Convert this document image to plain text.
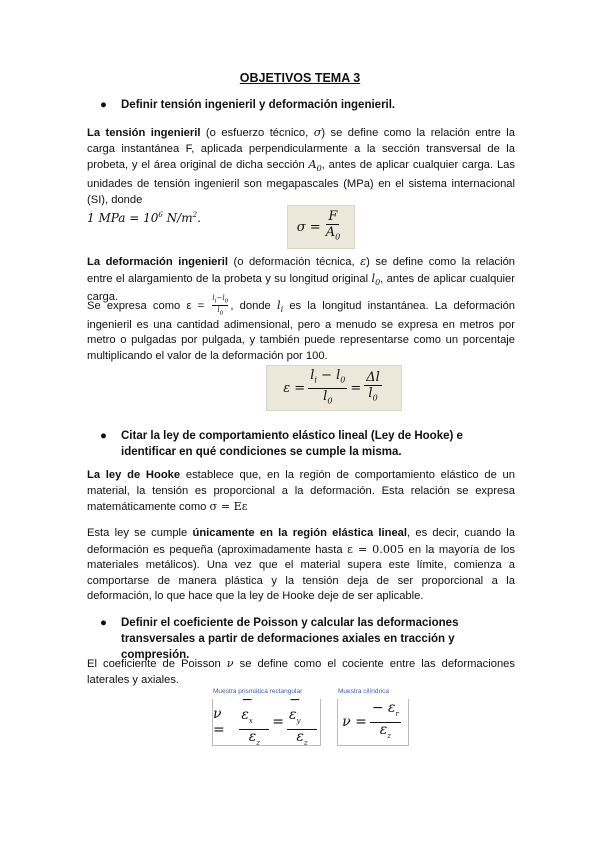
OBJETIVOS TEMA 3
● Definir tensión ingenieril y deformación ingenieril.
La tensión ingenieril (o esfuerzo técnico, σ) se define como la relación entre la carga instantánea F, aplicada perpendicularmente a la sección transversal de la probeta, y el área original de dicha sección $A_0$, antes de aplicar cualquier carga. Las unidades de tensión ingenieril son megapascales (MPa) en el sistema internacional (SI), donde
1 MPa = $10^6$ $N/m^2$.
$\sigma = \frac{F}{A_0}$
La deformación ingenieril (o deformación técnica, ε) se define como la relación entre el alargamiento de la probeta y su longitud original $l_0$, antes de aplicar cualquier carga.
Se expresa como $\varepsilon = \frac{l_i-l_0}{l_0}$ , donde $l_i$ es la longitud instantánea. La deformación ingenieril es una cantidad adimensional, pero a menudo se expresa en metros por metro o pulgadas por pulgada, y también puede representarse como un porcentaje multiplicando el valor de la deformación por 100.
$\varepsilon = \frac{l_i - l_0}{l_0} = \frac{\Delta l}{l_0}$
● Citar la ley de comportamiento elástico lineal (Ley de Hooke) e identificar en qué condiciones se cumple la misma.
La ley de Hooke establece que, en la región de comportamiento elástico de un material, la tensión es proporcional a la deformación. Esta relación se expresa matemáticamente como σ = Eε
Esta ley se cumple únicamente en la región elástica lineal, es decir, cuando la deformación es pequeña (aproximadamente hasta ε = 0.005 en la mayoría de los materiales metálicos). Una vez que el material supera este límite, comienza a comportarse de manera plástica y la tensión deja de ser proporcional a la deformación, lo que hace que la ley de Hooke deje de ser aplicable.
● Definir el coeficiente de Poisson y calcular las deformaciones transversales a partir de deformaciones axiales en tracción y compresión.
El coeficiente de Poisson ν se define como el cociente entre las deformaciones laterales y axiales.
Muestra prismática rectangular
ν =	$\frac{- \varepsilon_x}{\varepsilon_z} = \frac{- \varepsilon_y}{\varepsilon_z}$
Muestra cilíndrica
$\nu = \frac{- \varepsilon_r}{\varepsilon_z}$
